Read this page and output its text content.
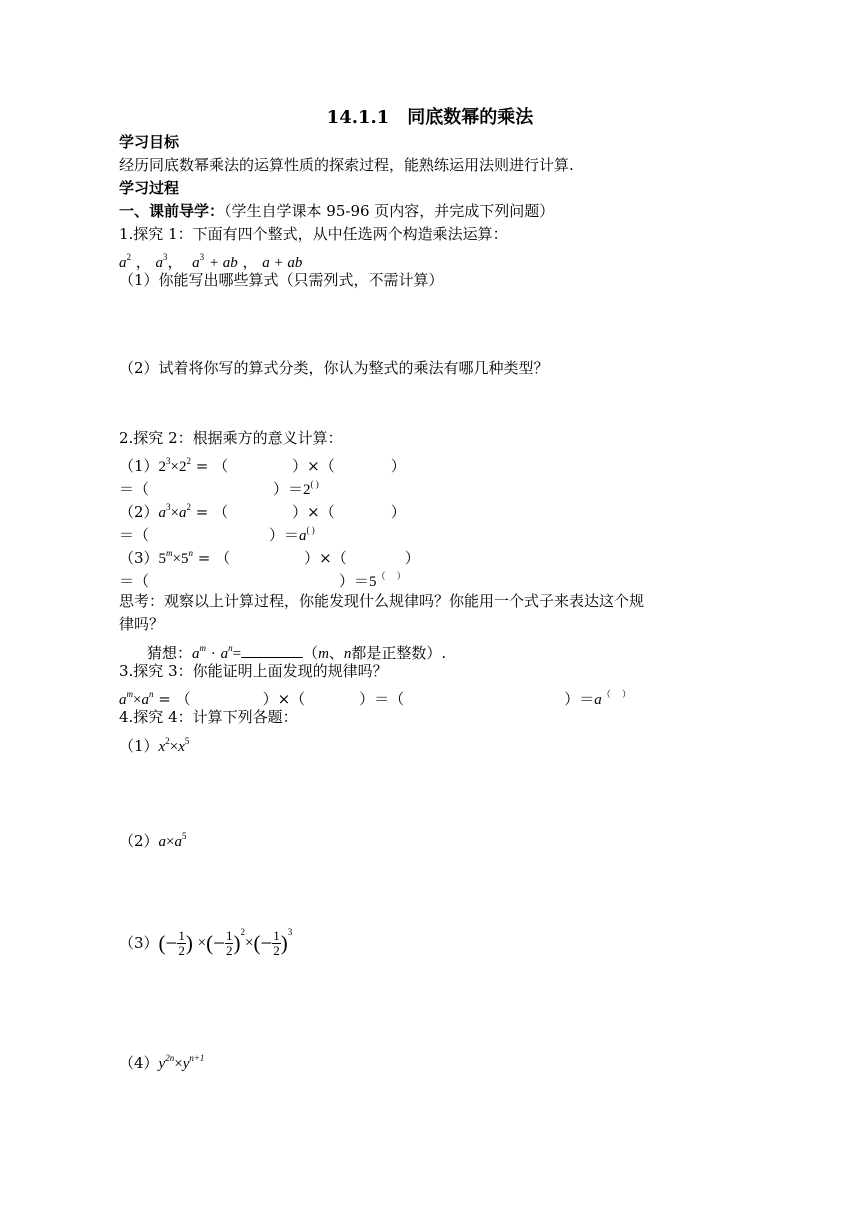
14.1.1　同底数幂的乘法
学习目标
经历同底数幂乘法的运算性质的探索过程，能熟练运用法则进行计算.
学习过程
一、课前导学：（学生自学课本 95-96 页内容，并完成下列问题）
1.探究 1：下面有四个整式，从中任选两个构造乘法运算：
$a^2$ ， $a^3$，  $a^3$ + ab ， a + ab
（1）你能写出哪些算式（只需列式，不需计算）
（2）试着将你写的算式分类，你认为整式的乘法有哪几种类型？
2.探究 2：根据乘方的意义计算：
$(1)2^3\times 2^2$ = （	）×（	）
＝（	）＝2( )
$(2)a^3\times a^2$ = （	）×（	）
＝（	）＝a( )
$(3)5^m\times 5^n$ = （	）×（	）
＝（	）＝5（　 ）
思考：观察以上计算过程，你能发现什么规律吗？你能用一个式子来表达这个规
律吗？
猜想：$a^m \cdot a^n=$	（m、n都是正整数）.
3.探究 3：你能证明上面发现的规律吗？
$a^m\times a^n$ = （	）×（	）＝（	）＝a（　 ）
4.探究 4：计算下列各题：
$(1)x^2\times x^5$
$(2)a\times a^5$
$(3)(- \frac{1}{2}$ ) ×(− $\frac{1}{2} )^2\times(- \frac{1}{2} )^3$
$(4)y^{2n}\times y^{n+1}$
